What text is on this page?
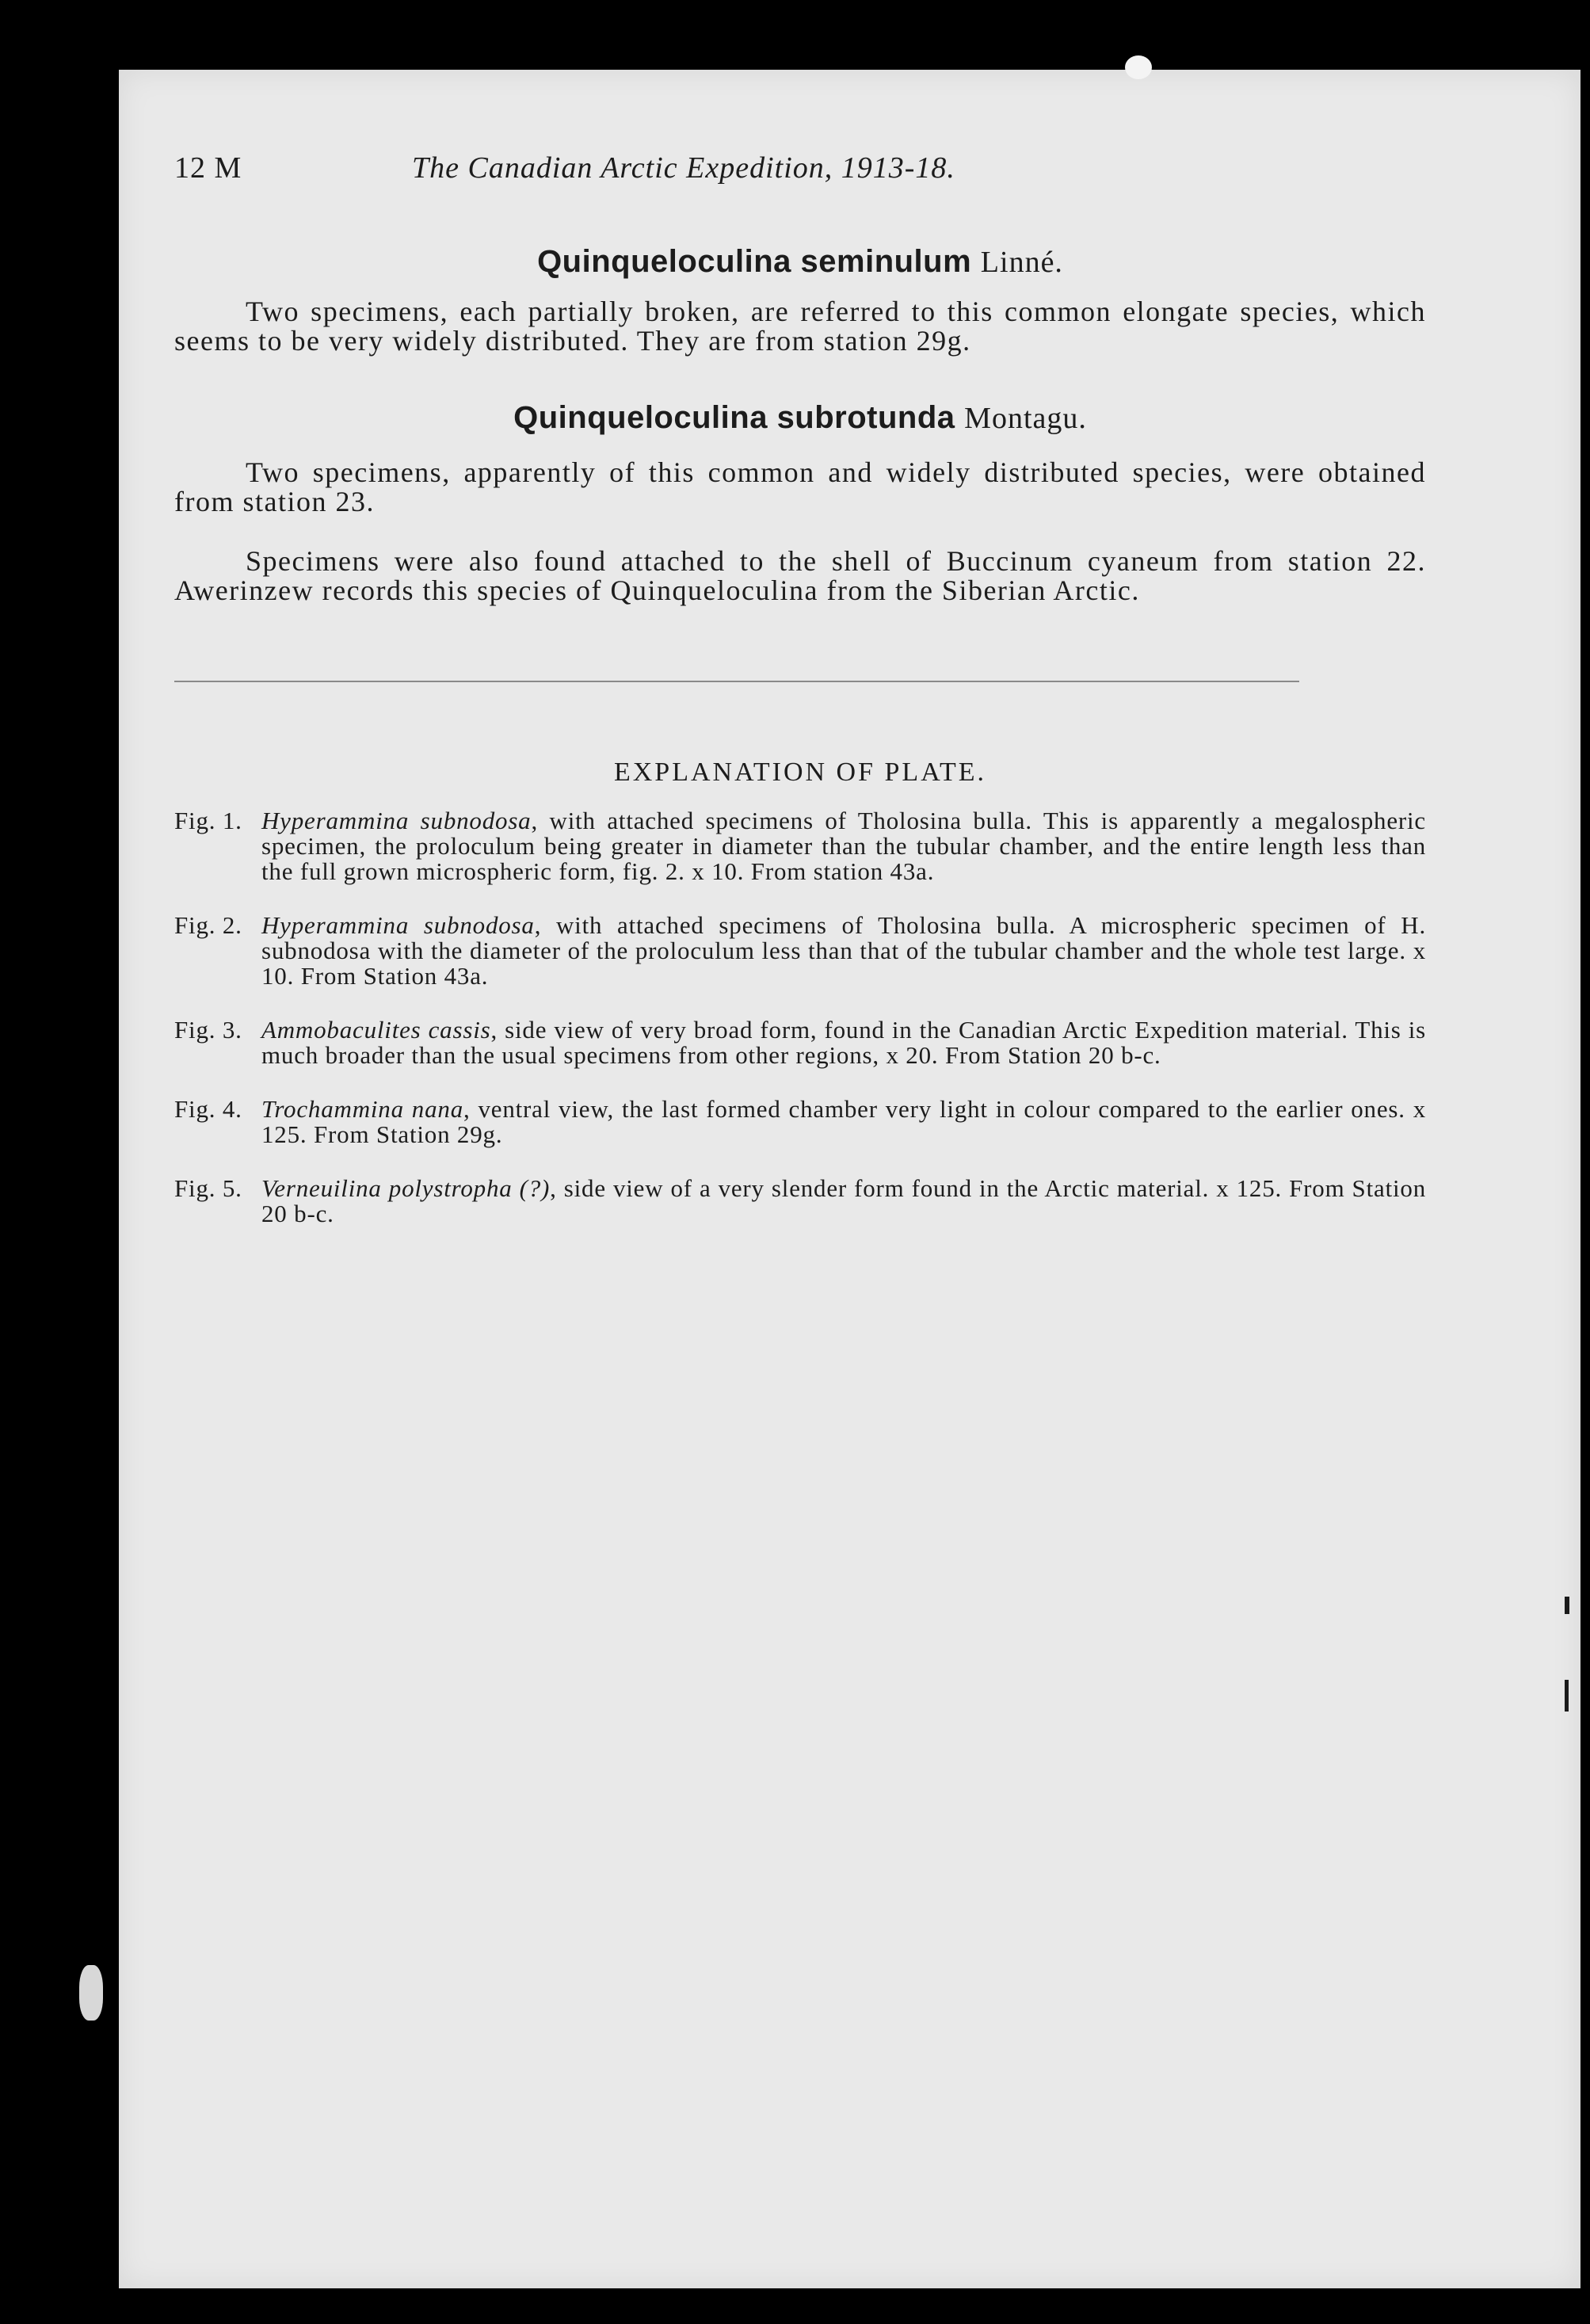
12 M	The Canadian Arctic Expedition, 1913-18.
Quinqueloculina seminulum Linné.

Two specimens, each partially broken, are referred to this common elongate species, which seems to be very widely distributed. They are from station 29g.

Quinqueloculina subrotunda Montagu.

Two specimens, apparently of this common and widely distributed species, were obtained from station 23.

Specimens were also found attached to the shell of Buccinum cyaneum from station 22. Awerinzew records this species of Quinqueloculina from the Siberian Arctic.

EXPLANATION OF PLATE.
Fig. 1. Hyperammina subnodosa, with attached specimens of Tholosina bulla. This is apparently a megalospheric specimen, the proloculum being greater in diameter than the tubular chamber, and the entire length less than the full grown microspheric form, fig. 2. x 10. From station 43a.
Fig. 2. Hyperammina subnodosa, with attached specimens of Tholosina bulla. A microspheric specimen of H. subnodosa with the diameter of the proloculum less than that of the tubular chamber and the whole test large. x 10. From Station 43a.
Fig. 3. Ammobaculites cassis, side view of very broad form, found in the Canadian Arctic Expedition material. This is much broader than the usual specimens from other regions, x 20. From Station 20 b-c.
Fig. 4. Trochammina nana, ventral view, the last formed chamber very light in colour compared to the earlier ones. x 125. From Station 29g.
Fig. 5. Verneuilina polystropha (?), side view of a very slender form found in the Arctic material. x 125. From Station 20 b-c.
